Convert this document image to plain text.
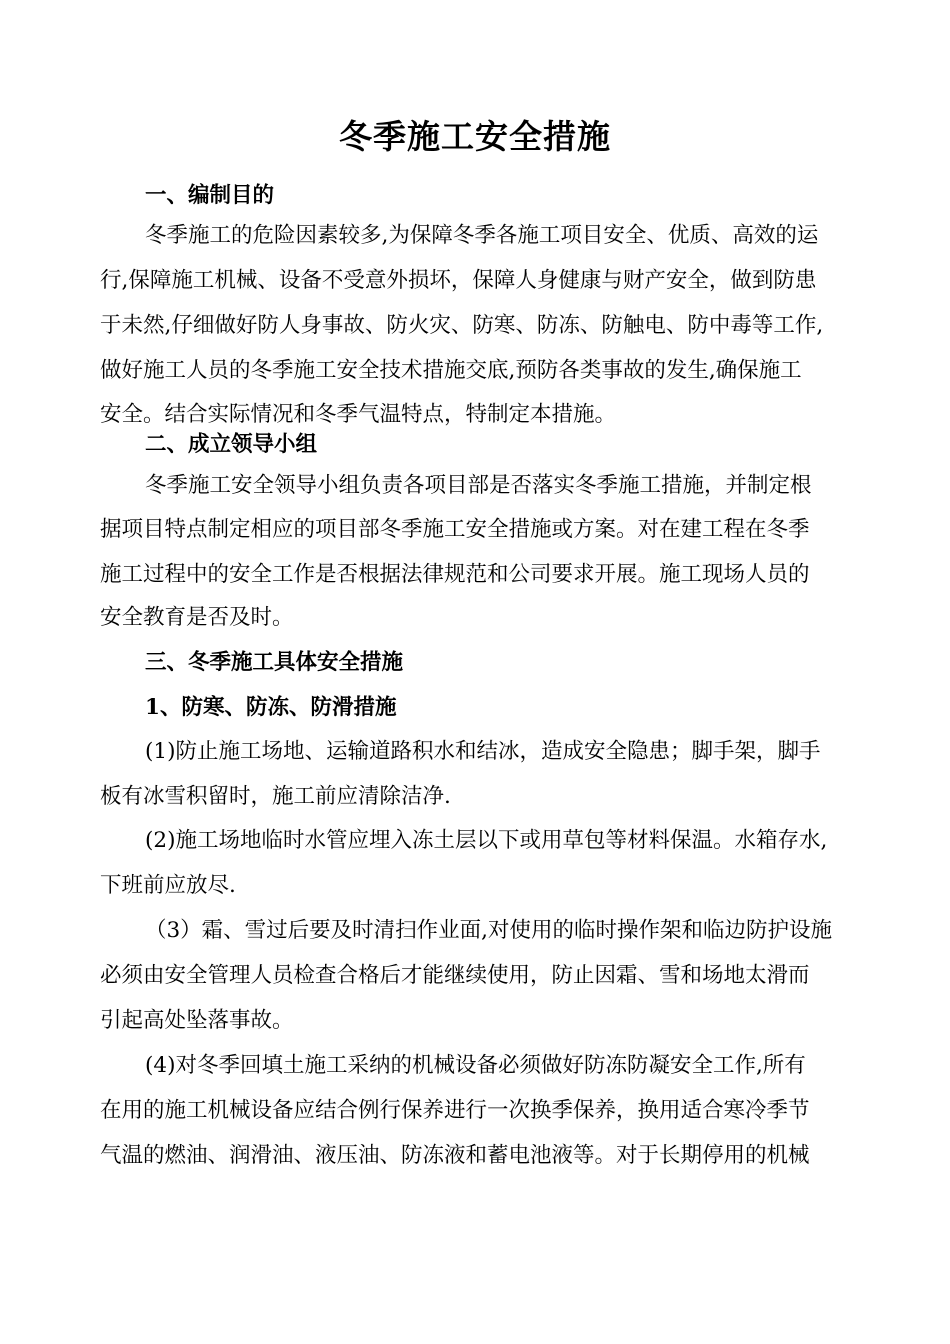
冬季施工安全措施
一、编制目的
冬季施工的危险因素较多,为保障冬季各施工项目安全、优质、高效的运
行,保障施工机械、设备不受意外损坏，保障人身健康与财产安全，做到防患
于未然,仔细做好防人身事故、防火灾、防寒、防冻、防触电、防中毒等工作,
做好施工人员的冬季施工安全技术措施交底,预防各类事故的发生,确保施工
安全。结合实际情况和冬季气温特点，特制定本措施。
二、成立领导小组
冬季施工安全领导小组负责各项目部是否落实冬季施工措施，并制定根
据项目特点制定相应的项目部冬季施工安全措施或方案。对在建工程在冬季
施工过程中的安全工作是否根据法律规范和公司要求开展。施工现场人员的
安全教育是否及时。
三、冬季施工具体安全措施
1、防寒、防冻、防滑措施
(1)防止施工场地、运输道路积水和结冰，造成安全隐患；脚手架，脚手
板有冰雪积留时，施工前应清除洁净.
(2)施工场地临时水管应埋入冻土层以下或用草包等材料保温。水箱存水,
下班前应放尽.
（3）霜、雪过后要及时清扫作业面,对使用的临时操作架和临边防护设施
必须由安全管理人员检查合格后才能继续使用，防止因霜、雪和场地太滑而
引起高处坠落事故。
(4)对冬季回填土施工采纳的机械设备必须做好防冻防凝安全工作,所有
在用的施工机械设备应结合例行保养进行一次换季保养，换用适合寒冷季节
气温的燃油、润滑油、液压油、防冻液和蓄电池液等。对于长期停用的机械
